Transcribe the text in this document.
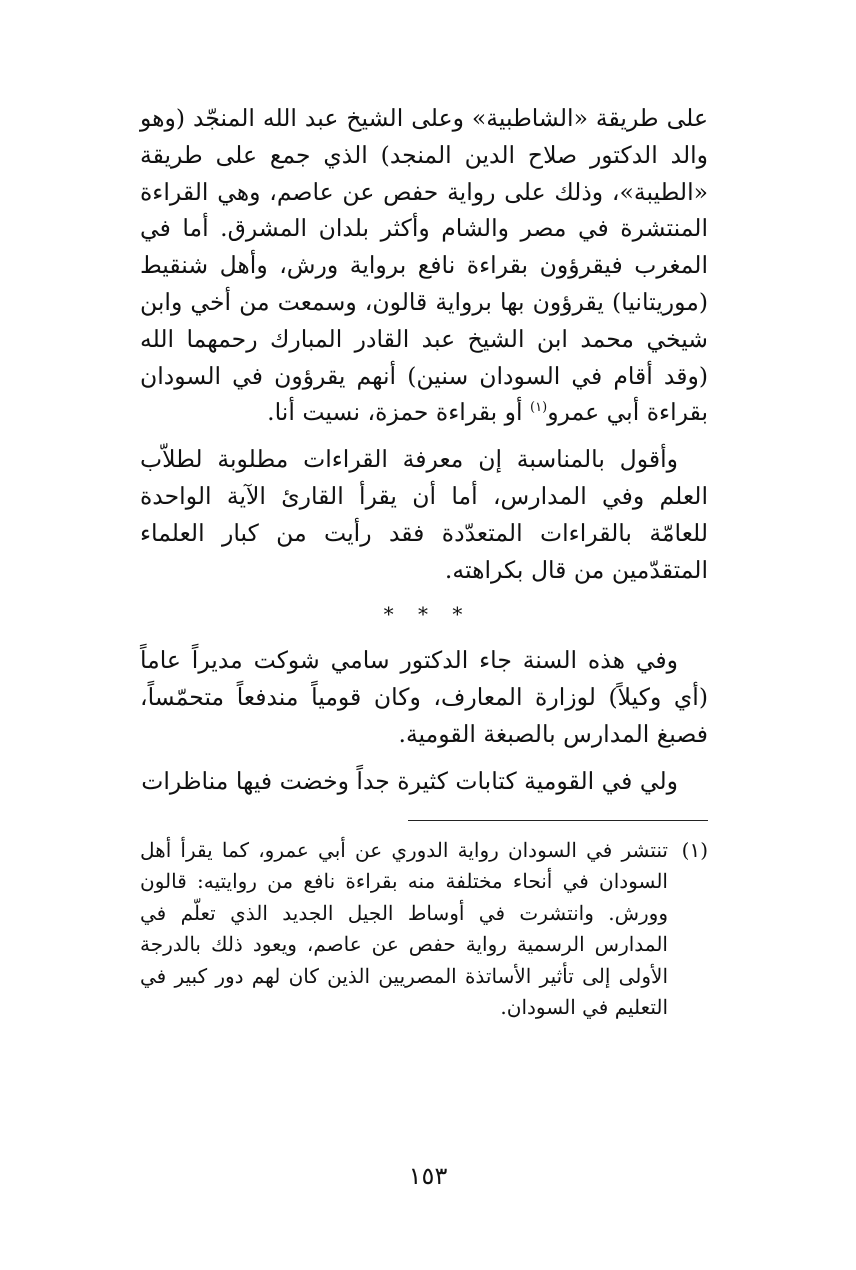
على طريقة «الشاطبية» وعلى الشيخ عبد الله المنجّد (وهو والد الدكتور صلاح الدين المنجد) الذي جمع على طريقة «الطيبة»، وذلك على رواية حفص عن عاصم، وهي القراءة المنتشرة في مصر والشام وأكثر بلدان المشرق. أما في المغرب فيقرؤون بقراءة نافع برواية ورش، وأهل شنقيط (موريتانيا) يقرؤون بها برواية قالون، وسمعت من أخي وابن شيخي محمد ابن الشيخ عبد القادر المبارك رحمهما الله (وقد أقام في السودان سنين) أنهم يقرؤون في السودان بقراءة أبي عمرو$^{(١)}$ أو بقراءة حمزة، نسيت أنا.

وأقول بالمناسبة إن معرفة القراءات مطلوبة لطلاّب العلم وفي المدارس، أما أن يقرأ القارئ الآية الواحدة للعامّة بالقراءات المتعدّدة فقد رأيت من كبار العلماء المتقدّمين من قال بكراهته.

* * *

وفي هذه السنة جاء الدكتور سامي شوكت مديراً عاماً (أي وكيلاً) لوزارة المعارف، وكان قومياً مندفعاً متحمّساً، فصبغ المدارس بالصبغة القومية.

ولي في القومية كتابات كثيرة جداً وخضت فيها مناظرات

(١)
تنتشر في السودان رواية الدوري عن أبي عمرو، كما يقرأ أهل السودان في أنحاء مختلفة منه بقراءة نافع من روايتيه: قالون وورش. وانتشرت في أوساط الجيل الجديد الذي تعلّم في المدارس الرسمية رواية حفص عن عاصم، ويعود ذلك بالدرجة الأولى إلى تأثير الأساتذة المصريين الذين كان لهم دور كبير في التعليم في السودان.
١٥٣
